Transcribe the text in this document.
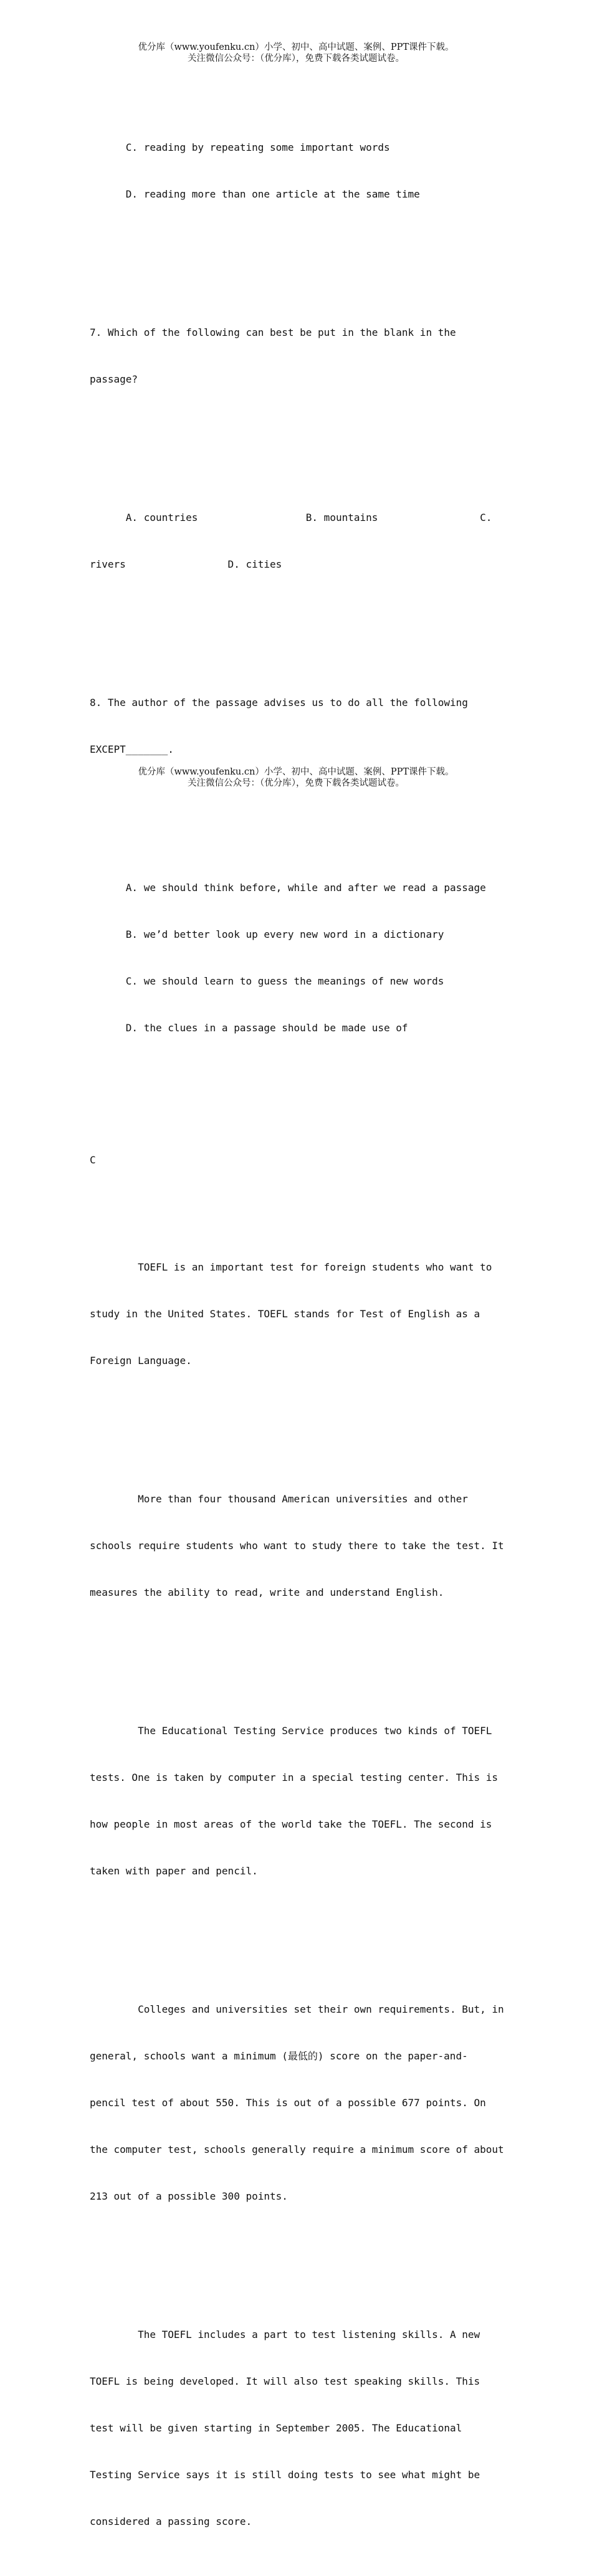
优分库（www.youfenku.cn）小学、初中、高中试题、案例、PPT课件下载。
关注微信公众号：（优分库），免费下载各类试题试卷。

C. reading by repeating some important words

D. reading more than one article at the same time

7. Which of the following can best be put in the blank in the

passage?

A. countries                  B. mountains                 C.

rivers                 D. cities

8. The author of the passage advises us to do all the following

EXCEPT_______.

A. we should think before, while and after we read a passage

B. we’d better look up every new word in a dictionary

C. we should learn to guess the meanings of new words

D. the clues in a passage should be made use of

C

TOEFL is an important test for foreign students who want to

study in the United States. TOEFL stands for Test of English as a

Foreign Language.

More than four thousand American universities and other

schools require students who want to study there to take the test. It

measures the ability to read, write and understand English.

The Educational Testing Service produces two kinds of TOEFL

tests. One is taken by computer in a special testing center. This is

how people in most areas of the world take the TOEFL. The second is

taken with paper and pencil.

Colleges and universities set their own requirements. But, in

general, schools want a minimum (最低的) score on the paper-and-

pencil test of about 550. This is out of a possible 677 points. On

the computer test, schools generally require a minimum score of about

213 out of a possible 300 points.

The TOEFL includes a part to test listening skills. A new

TOEFL is being developed. It will also test speaking skills. This

test will be given starting in September 2005. The Educational

Testing Service says it is still doing tests to see what might be

considered a passing score.

优分库（www.youfenku.cn）小学、初中、高中试题、案例、PPT课件下载。
关注微信公众号：（优分库），免费下载各类试题试卷。
